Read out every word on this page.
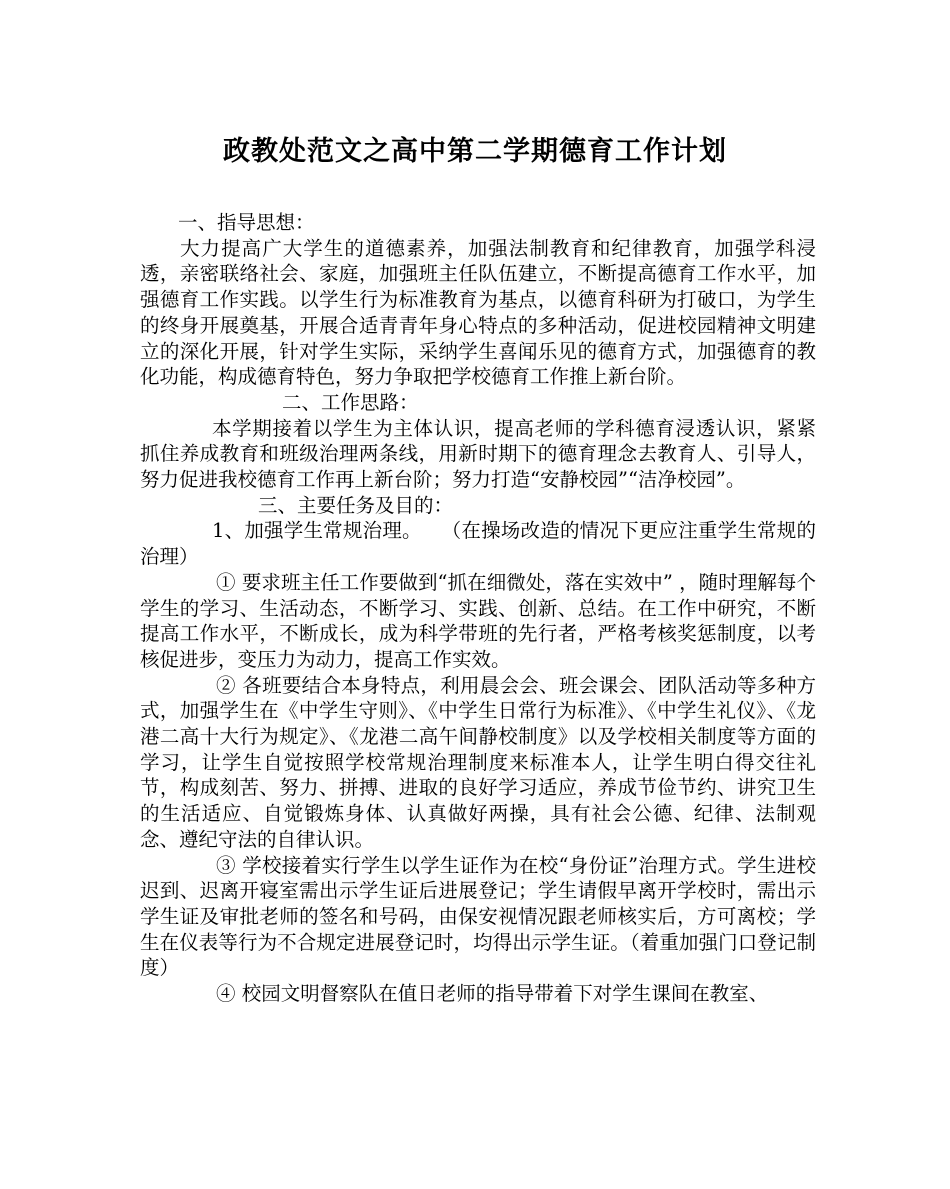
政教处范文之高中第二学期德育工作计划

一、指导思想：

大力提高广大学生的道德素养，加强法制教育和纪律教育，加强学科浸透，亲密联络社会、家庭，加强班主任队伍建立，不断提高德育工作水平，加强德育工作实践。以学生行为标准教育为基点，以德育科研为打破口，为学生的终身开展奠基，开展合适青青年身心特点的多种活动，促进校园精神文明建立的深化开展，针对学生实际，采纳学生喜闻乐见的德育方式，加强德育的教化功能，构成德育特色，努力争取把学校德育工作推上新台阶。

二、工作思路：

本学期接着以学生为主体认识，提高老师的学科德育浸透认识，紧紧抓住养成教育和班级治理两条线，用新时期下的德育理念去教育人、引导人，努力促进我校德育工作再上新台阶；努力打造“安静校园”“洁净校园”。

三、主要任务及目的：

1、加强学生常规治理。　　（在操场改造的情况下更应注重学生常规的治理）

① 要求班主任工作要做到“抓在细微处，落在实效中” ，随时理解每个学生的学习、生活动态，不断学习、实践、创新、总结。在工作中研究，不断提高工作水平，不断成长，成为科学带班的先行者，严格考核奖惩制度，以考核促进步，变压力为动力，提高工作实效。

② 各班要结合本身特点，利用晨会会、班会课会、团队活动等多种方式，加强学生在《中学生守则》、《中学生日常行为标准》、《中学生礼仪》、《龙港二高十大行为规定》、《龙港二高午间静校制度》以及学校相关制度等方面的学习，让学生自觉按照学校常规治理制度来标准本人，让学生明白得交往礼节，构成刻苦、努力、拼搏、进取的良好学习适应，养成节俭节约、讲究卫生的生活适应、自觉锻炼身体、认真做好两操，具有社会公德、纪律、法制观念、遵纪守法的自律认识。

③ 学校接着实行学生以学生证作为在校“身份证”治理方式。学生进校迟到、迟离开寝室需出示学生证后进展登记；学生请假早离开学校时，需出示学生证及审批老师的签名和号码，由保安视情况跟老师核实后，方可离校；学生在仪表等行为不合规定进展登记时，均得出示学生证。（着重加强门口登记制度）

④ 校园文明督察队在值日老师的指导带着下对学生课间在教室、
